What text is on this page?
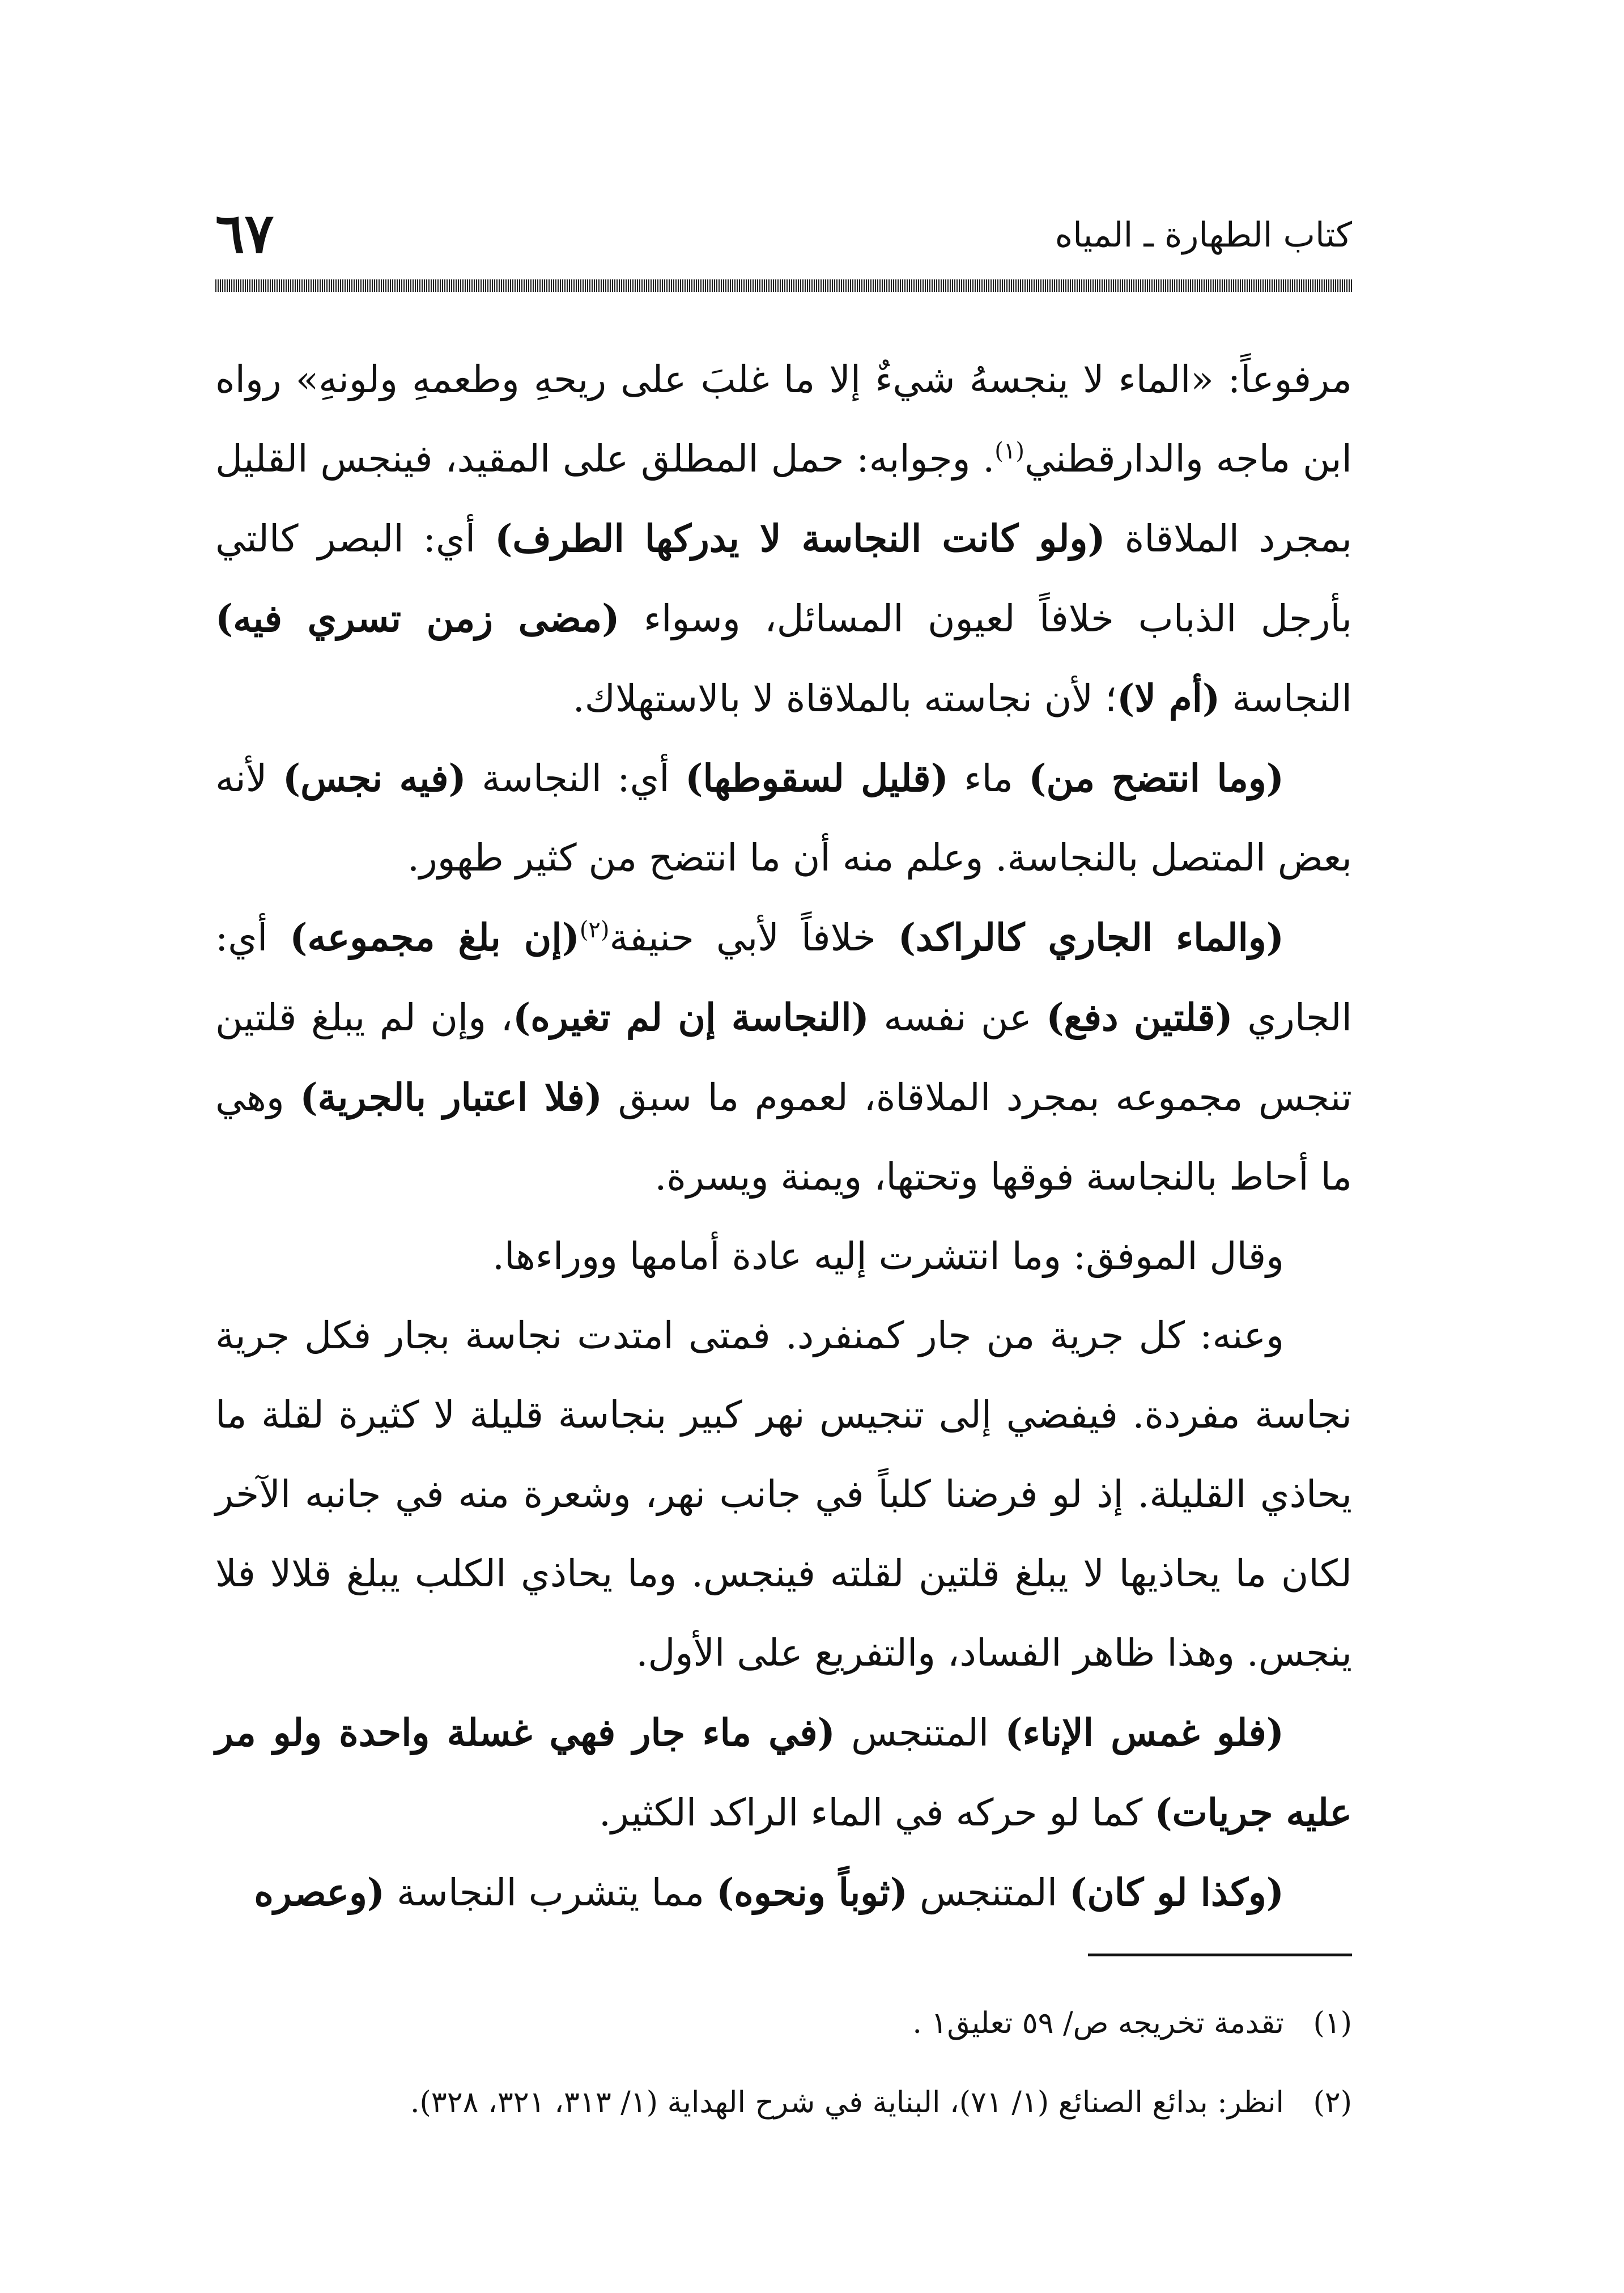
كتاب الطهارة ـ المياه
٦٧

مرفوعاً: «الماء لا ينجسهُ شيءٌ إلا ما غلبَ على ريحهِ وطعمهِ ولونهِ» رواه ابن ماجه والدارقطني$^{(١)}$. وجوابه: حمل المطلق على المقيد، فينجس القليل بمجرد الملاقاة (ولو كانت النجاسة لا يدركها الطرف) أي: البصر كالتي بأرجل الذباب خلافاً لعيون المسائل، وسواء (مضى زمن تسري فيه) النجاسة (أم لا)؛ لأن نجاسته بالملاقاة لا بالاستهلاك.

(وما انتضح من) ماء (قليل لسقوطها) أي: النجاسة (فيه نجس) لأنه بعض المتصل بالنجاسة. وعلم منه أن ما انتضح من كثير طهور.

(والماء الجاري كالراكد) خلافاً لأبي حنيفة$^{(٢)}$(إن بلغ مجموعه) أي: الجاري (قلتين دفع) عن نفسه (النجاسة إن لم تغيره)، وإن لم يبلغ قلتين تنجس مجموعه بمجرد الملاقاة، لعموم ما سبق (فلا اعتبار بالجرية) وهي ما أحاط بالنجاسة فوقها وتحتها، ويمنة ويسرة.

وقال الموفق: وما انتشرت إليه عادة أمامها ووراءها.

وعنه: كل جرية من جار كمنفرد. فمتى امتدت نجاسة بجار فكل جرية نجاسة مفردة. فيفضي إلى تنجيس نهر كبير بنجاسة قليلة لا كثيرة لقلة ما يحاذي القليلة. إذ لو فرضنا كلباً في جانب نهر، وشعرة منه في جانبه الآخر لكان ما يحاذيها لا يبلغ قلتين لقلته فينجس. وما يحاذي الكلب يبلغ قلالا فلا ينجس. وهذا ظاهر الفساد، والتفريع على الأول.

(فلو غمس الإناء) المتنجس (في ماء جار فهي غسلة واحدة ولو مر عليه جريات) كما لو حركه في الماء الراكد الكثير.

(وكذا لو كان) المتنجس (ثوباً ونحوه) مما يتشرب النجاسة (وعصره

(١)تقدمة تخريجه ص/ ٥٩ تعليق١ .
(٢)انظر: بدائع الصنائع (١/ ٧١)، البناية في شرح الهداية (١/ ٣١٣، ٣٢١، ٣٢٨).
